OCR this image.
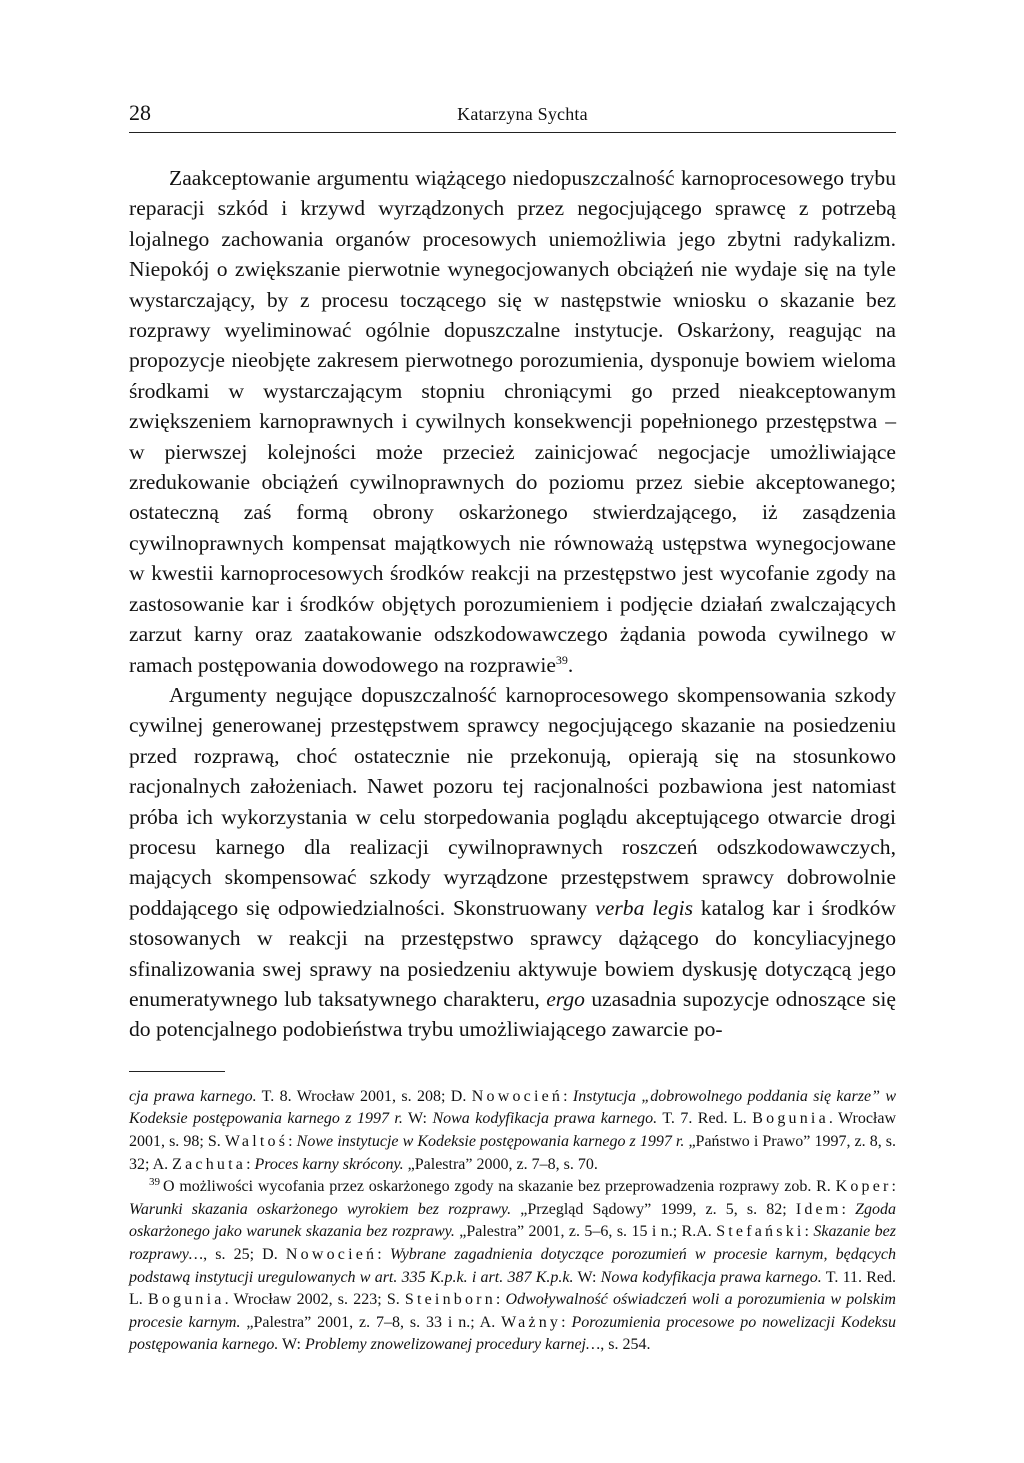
28	Katarzyna Sychta

Zaakceptowanie argumentu wiążącego niedopuszczalność karnoprocesowego trybu reparacji szkód i krzywd wyrządzonych przez negocjującego sprawcę z potrzebą lojalnego zachowania organów procesowych uniemożliwia jego zbytni radykalizm. Niepokój o zwiększanie pierwotnie wynegocjowanych obciążeń nie wydaje się na tyle wystarczający, by z procesu toczącego się w następstwie wniosku o skazanie bez rozprawy wyeliminować ogólnie dopuszczalne instytucje. Oskarżony, reagując na propozycje nieobjęte zakresem pierwotnego porozumienia, dysponuje bowiem wieloma środkami w wystarczającym stopniu chroniącymi go przed nieakceptowanym zwiększeniem karnoprawnych i cywilnych konsekwencji popełnionego przestępstwa – w pierwszej kolejności może przecież zainicjować negocjacje umożliwiające zredukowanie obciążeń cywilnoprawnych do poziomu przez siebie akceptowanego; ostateczną zaś formą obrony oskarżonego stwierdzającego, iż zasądzenia cywilnoprawnych kompensat majątkowych nie równoważą ustępstwa wynegocjowane w kwestii karnoprocesowych środków reakcji na przestępstwo jest wycofanie zgody na zastosowanie kar i środków objętych porozumieniem i podjęcie działań zwalczających zarzut karny oraz zaatakowanie odszkodowawczego żądania powoda cywilnego w ramach postępowania dowodowego na rozprawie$^{39}$.

Argumenty negujące dopuszczalność karnoprocesowego skompensowania szkody cywilnej generowanej przestępstwem sprawcy negocjującego skazanie na posiedzeniu przed rozprawą, choć ostatecznie nie przekonują, opierają się na stosunkowo racjonalnych założeniach. Nawet pozoru tej racjonalności pozbawiona jest natomiast próba ich wykorzystania w celu storpedowania poglądu akceptującego otwarcie drogi procesu karnego dla realizacji cywilnoprawnych roszczeń odszkodowawczych, mających skompensować szkody wyrządzone przestępstwem sprawcy dobrowolnie poddającego się odpowiedzialności. Skonstruowany verba legis katalog kar i środków stosowanych w reakcji na przestępstwo sprawcy dążącego do koncyliacyjnego sfinalizowania swej sprawy na posiedzeniu aktywuje bowiem dyskusję dotyczącą jego enumeratywnego lub taksatywnego charakteru, ergo uzasadnia supozycje odnoszące się do potencjalnego podobieństwa trybu umożliwiającego zawarcie po-

cja prawa karnego. T. 8. Wrocław 2001, s. 208; D. Nowocień: Instytucja „dobrowolnego poddania się karze” w Kodeksie postępowania karnego z 1997 r. W: Nowa kodyfikacja prawa karnego. T. 7. Red. L. Bogunia. Wrocław 2001, s. 98; S. Waltoś: Nowe instytucje w Kodeksie postępowania karnego z 1997 r. „Państwo i Prawo” 1997, z. 8, s. 32; A. Zachuta: Proces karny skrócony. „Palestra” 2000, z. 7–8, s. 70.

$^{39}$ O możliwości wycofania przez oskarżonego zgody na skazanie bez przeprowadzenia rozprawy zob. R. Koper: Warunki skazania oskarżonego wyrokiem bez rozprawy. „Przegląd Sądowy” 1999, z. 5, s. 82; Idem: Zgoda oskarżonego jako warunek skazania bez rozprawy. „Palestra” 2001, z. 5–6, s. 15 i n.; R.A. Stefański: Skazanie bez rozprawy…, s. 25; D. Nowocień: Wybrane zagadnienia dotyczące porozumień w procesie karnym, będących podstawą instytucji uregulowanych w art. 335 K.p.k. i art. 387 K.p.k. W: Nowa kodyfikacja prawa karnego. T. 11. Red. L. Bogunia. Wrocław 2002, s. 223; S. Steinborn: Odwoływalność oświadczeń woli a porozumienia w polskim procesie karnym. „Palestra” 2001, z. 7–8, s. 33 i n.; A. Ważny: Porozumienia procesowe po nowelizacji Kodeksu postępowania karnego. W: Problemy znowelizowanej procedury karnej…, s. 254.
